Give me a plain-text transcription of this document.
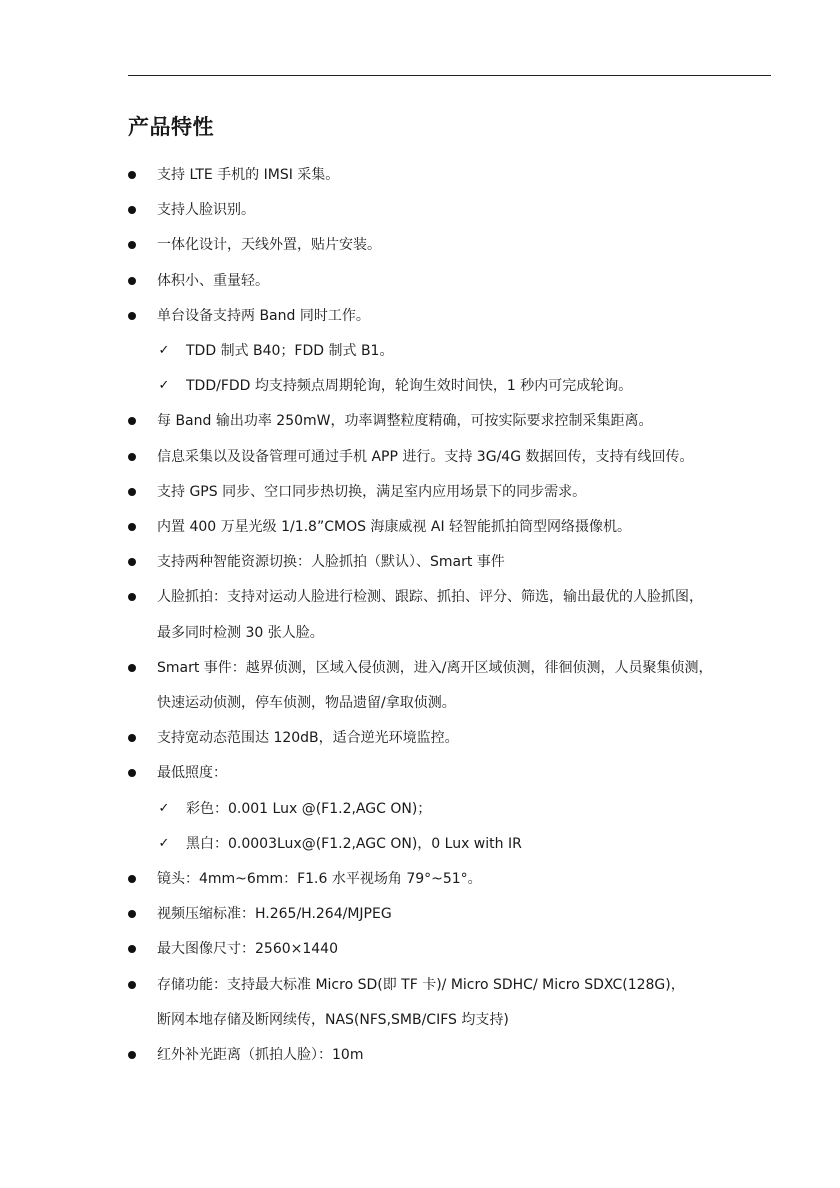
产品特性
支持 LTE 手机的 IMSI 采集。
支持人脸识别。
一体化设计，天线外置，贴片安装。
体积小、重量轻。
单台设备支持两 Band 同时工作。
✓ TDD 制式 B40；FDD 制式 B1。
✓ TDD/FDD 均支持频点周期轮询，轮询生效时间快，1 秒内可完成轮询。
每 Band 输出功率 250mW，功率调整粒度精确，可按实际要求控制采集距离。
信息采集以及设备管理可通过手机 APP 进行。支持 3G/4G 数据回传，支持有线回传。
支持 GPS 同步、空口同步热切换，满足室内应用场景下的同步需求。
内置 400 万星光级 1/1.8”CMOS 海康威视 AI 轻智能抓拍筒型网络摄像机。
支持两种智能资源切换：人脸抓拍（默认）、Smart 事件
人脸抓拍：支持对运动人脸进行检测、跟踪、抓拍、评分、筛选，输出最优的人脸抓图，
最多同时检测 30 张人脸。
Smart 事件：越界侦测，区域入侵侦测，进入/离开区域侦测，徘徊侦测，人员聚集侦测，
快速运动侦测，停车侦测，物品遗留/拿取侦测。
支持宽动态范围达 120dB，适合逆光环境监控。
最低照度：
✓ 彩色：0.001 Lux @(F1.2,AGC ON)；
✓ 黑白：0.0003Lux@(F1.2,AGC ON)，0 Lux with IR
镜头：4mm~6mm：F1.6 水平视场角 79°~51°。
视频压缩标准：H.265/H.264/MJPEG
最大图像尺寸：2560×1440
存储功能：支持最大标准 Micro SD(即 TF 卡)/ Micro SDHC/ Micro SDXC(128G)，
断网本地存储及断网续传，NAS(NFS,SMB/CIFS 均支持)
红外补光距离（抓拍人脸）：10m
